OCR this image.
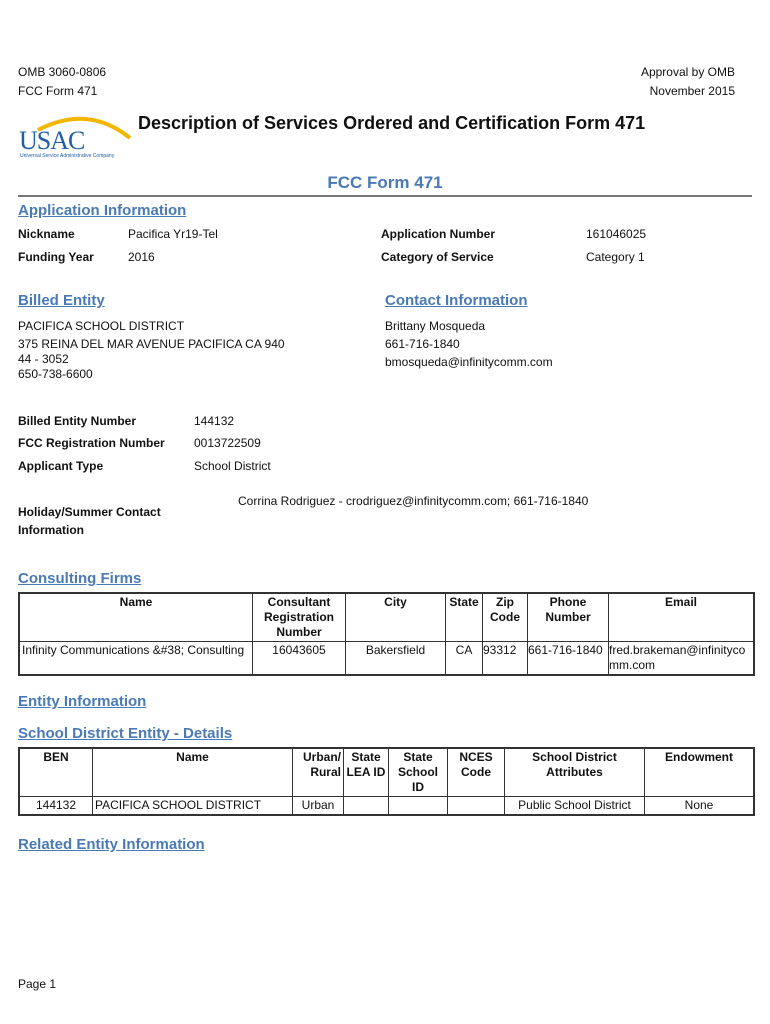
OMB 3060-0806
FCC Form 471
Approval by OMB
November 2015
USAC
Universal Service Administrative Company
Description of Services Ordered and Certification Form 471
FCC Form 471
Application Information
Nickname	Pacifica Yr19-Tel
Funding Year	2016
Application Number	161046025
Category of Service	Category 1
Billed Entity
PACIFICA SCHOOL DISTRICT
375 REINA DEL MAR AVENUE PACIFICA CA 940
44 - 3052
650-738-6600
Contact Information
Brittany Mosqueda
661-716-1840
bmosqueda@infinitycomm.com
Billed Entity Number	144132
FCC Registration Number 0013722509
Applicant Type	School District
Holiday/Summer Contact Information
Corrina Rodriguez - crodriguez@infinitycomm.com; 661-716-1840
Consulting Firms
Name	Consultant Registration Number	City	State	Zip Code	Phone Number	Email
Infinity Communications &#38; Consulting	16043605	Bakersfield	CA	93312	661-716-1840	fred.brakeman@infinitycomm.com
Entity Information
School District Entity - Details
BEN	Name	Urban/ Rural	State LEA ID	State School ID	NCES Code	School District Attributes	Endowment
144132	PACIFICA SCHOOL DISTRICT	Urban				Public School District	None
Related Entity Information
Page 1
